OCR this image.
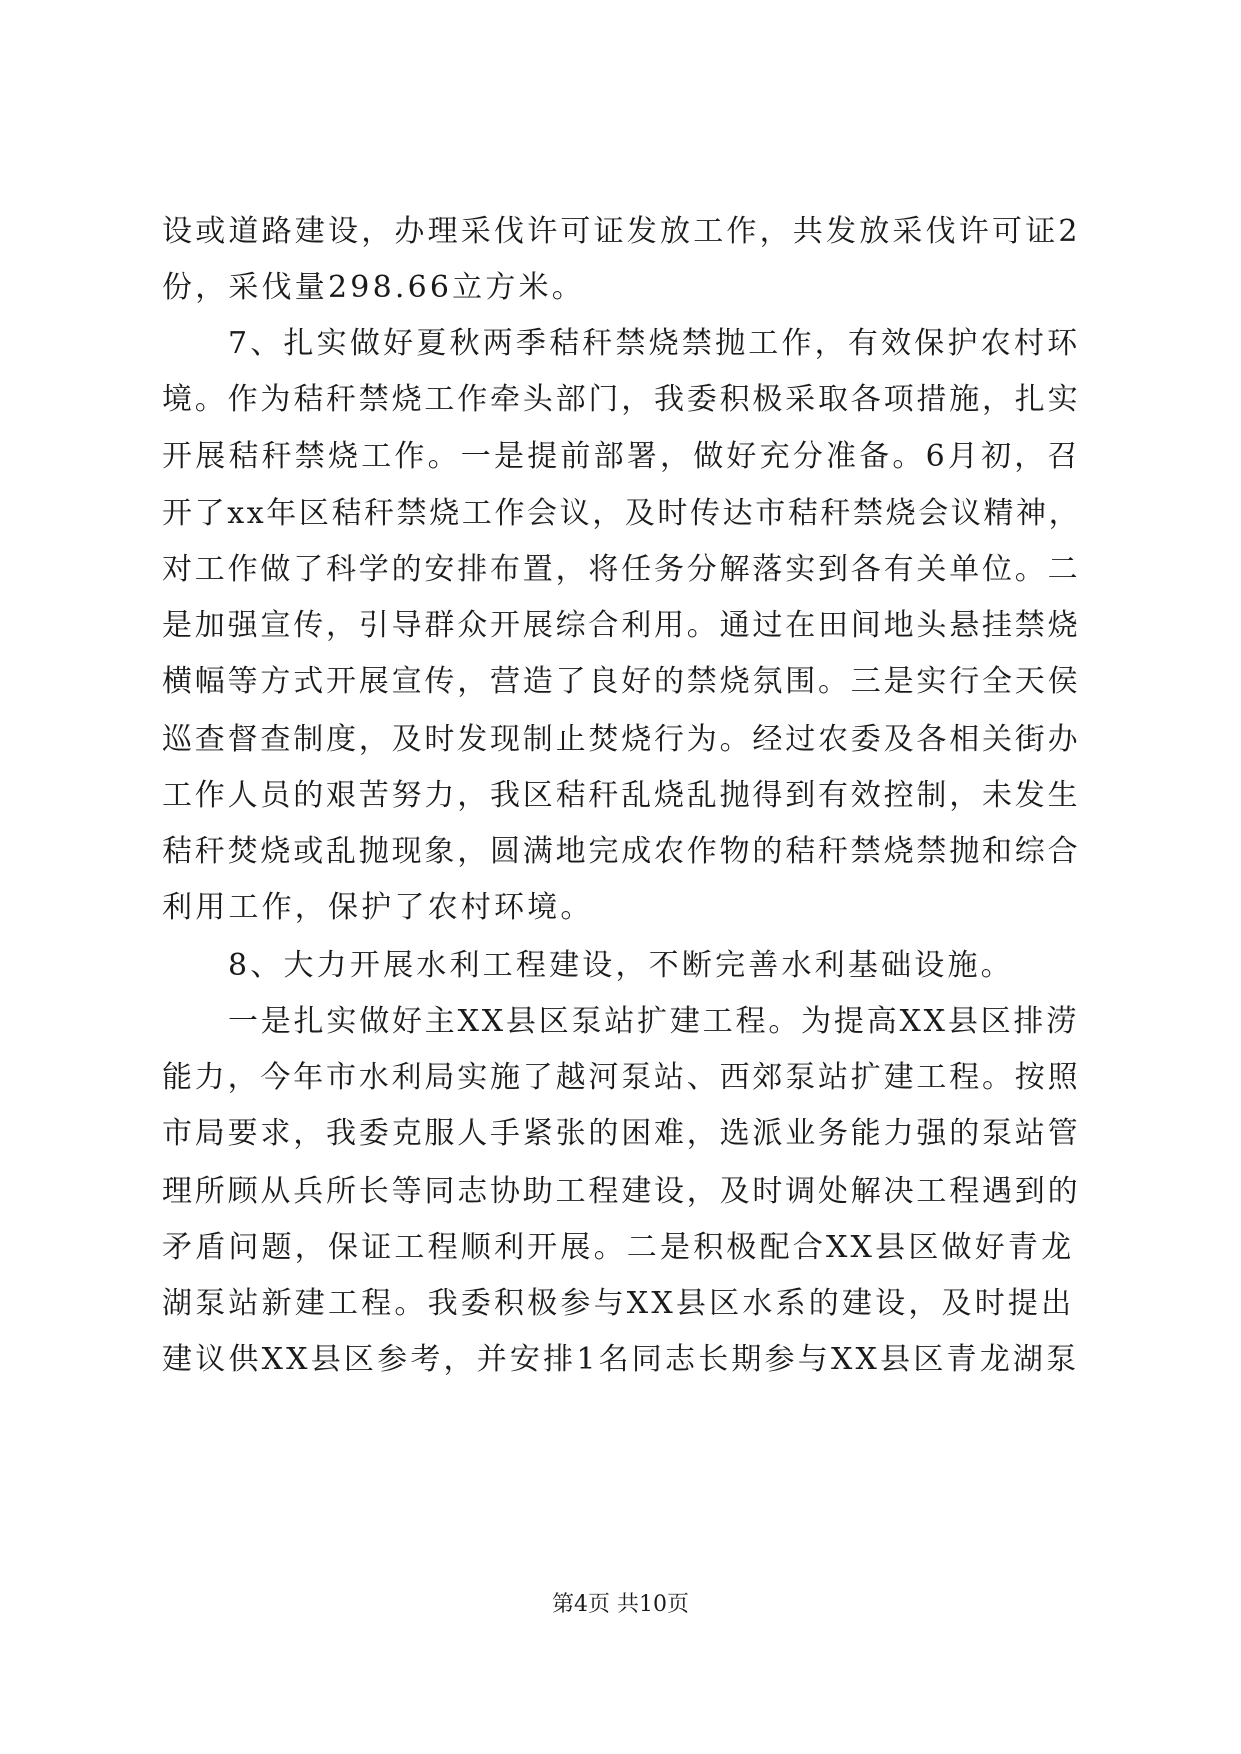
设或道路建设，办理采伐许可证发放工作，共发放采伐许可证2
份，采伐量298.66立方米。
7、扎实做好夏秋两季秸秆禁烧禁抛工作，有效保护农村环
境。作为秸秆禁烧工作牵头部门，我委积极采取各项措施，扎实
开展秸秆禁烧工作。一是提前部署，做好充分准备。6月初，召
开了xx年区秸秆禁烧工作会议，及时传达市秸秆禁烧会议精神，
对工作做了科学的安排布置，将任务分解落实到各有关单位。二
是加强宣传，引导群众开展综合利用。通过在田间地头悬挂禁烧
横幅等方式开展宣传，营造了良好的禁烧氛围。三是实行全天侯
巡查督查制度，及时发现制止焚烧行为。经过农委及各相关街办
工作人员的艰苦努力，我区秸秆乱烧乱抛得到有效控制，未发生
秸秆焚烧或乱抛现象，圆满地完成农作物的秸秆禁烧禁抛和综合
利用工作，保护了农村环境。
8、大力开展水利工程建设，不断完善水利基础设施。
一是扎实做好主XX县区泵站扩建工程。为提高XX县区排涝
能力，今年市水利局实施了越河泵站、西郊泵站扩建工程。按照
市局要求，我委克服人手紧张的困难，选派业务能力强的泵站管
理所顾从兵所长等同志协助工程建设，及时调处解决工程遇到的
矛盾问题，保证工程顺利开展。二是积极配合XX县区做好青龙
湖泵站新建工程。我委积极参与XX县区水系的建设，及时提出
建议供XX县区参考，并安排1名同志长期参与XX县区青龙湖泵
第4页 共10页
